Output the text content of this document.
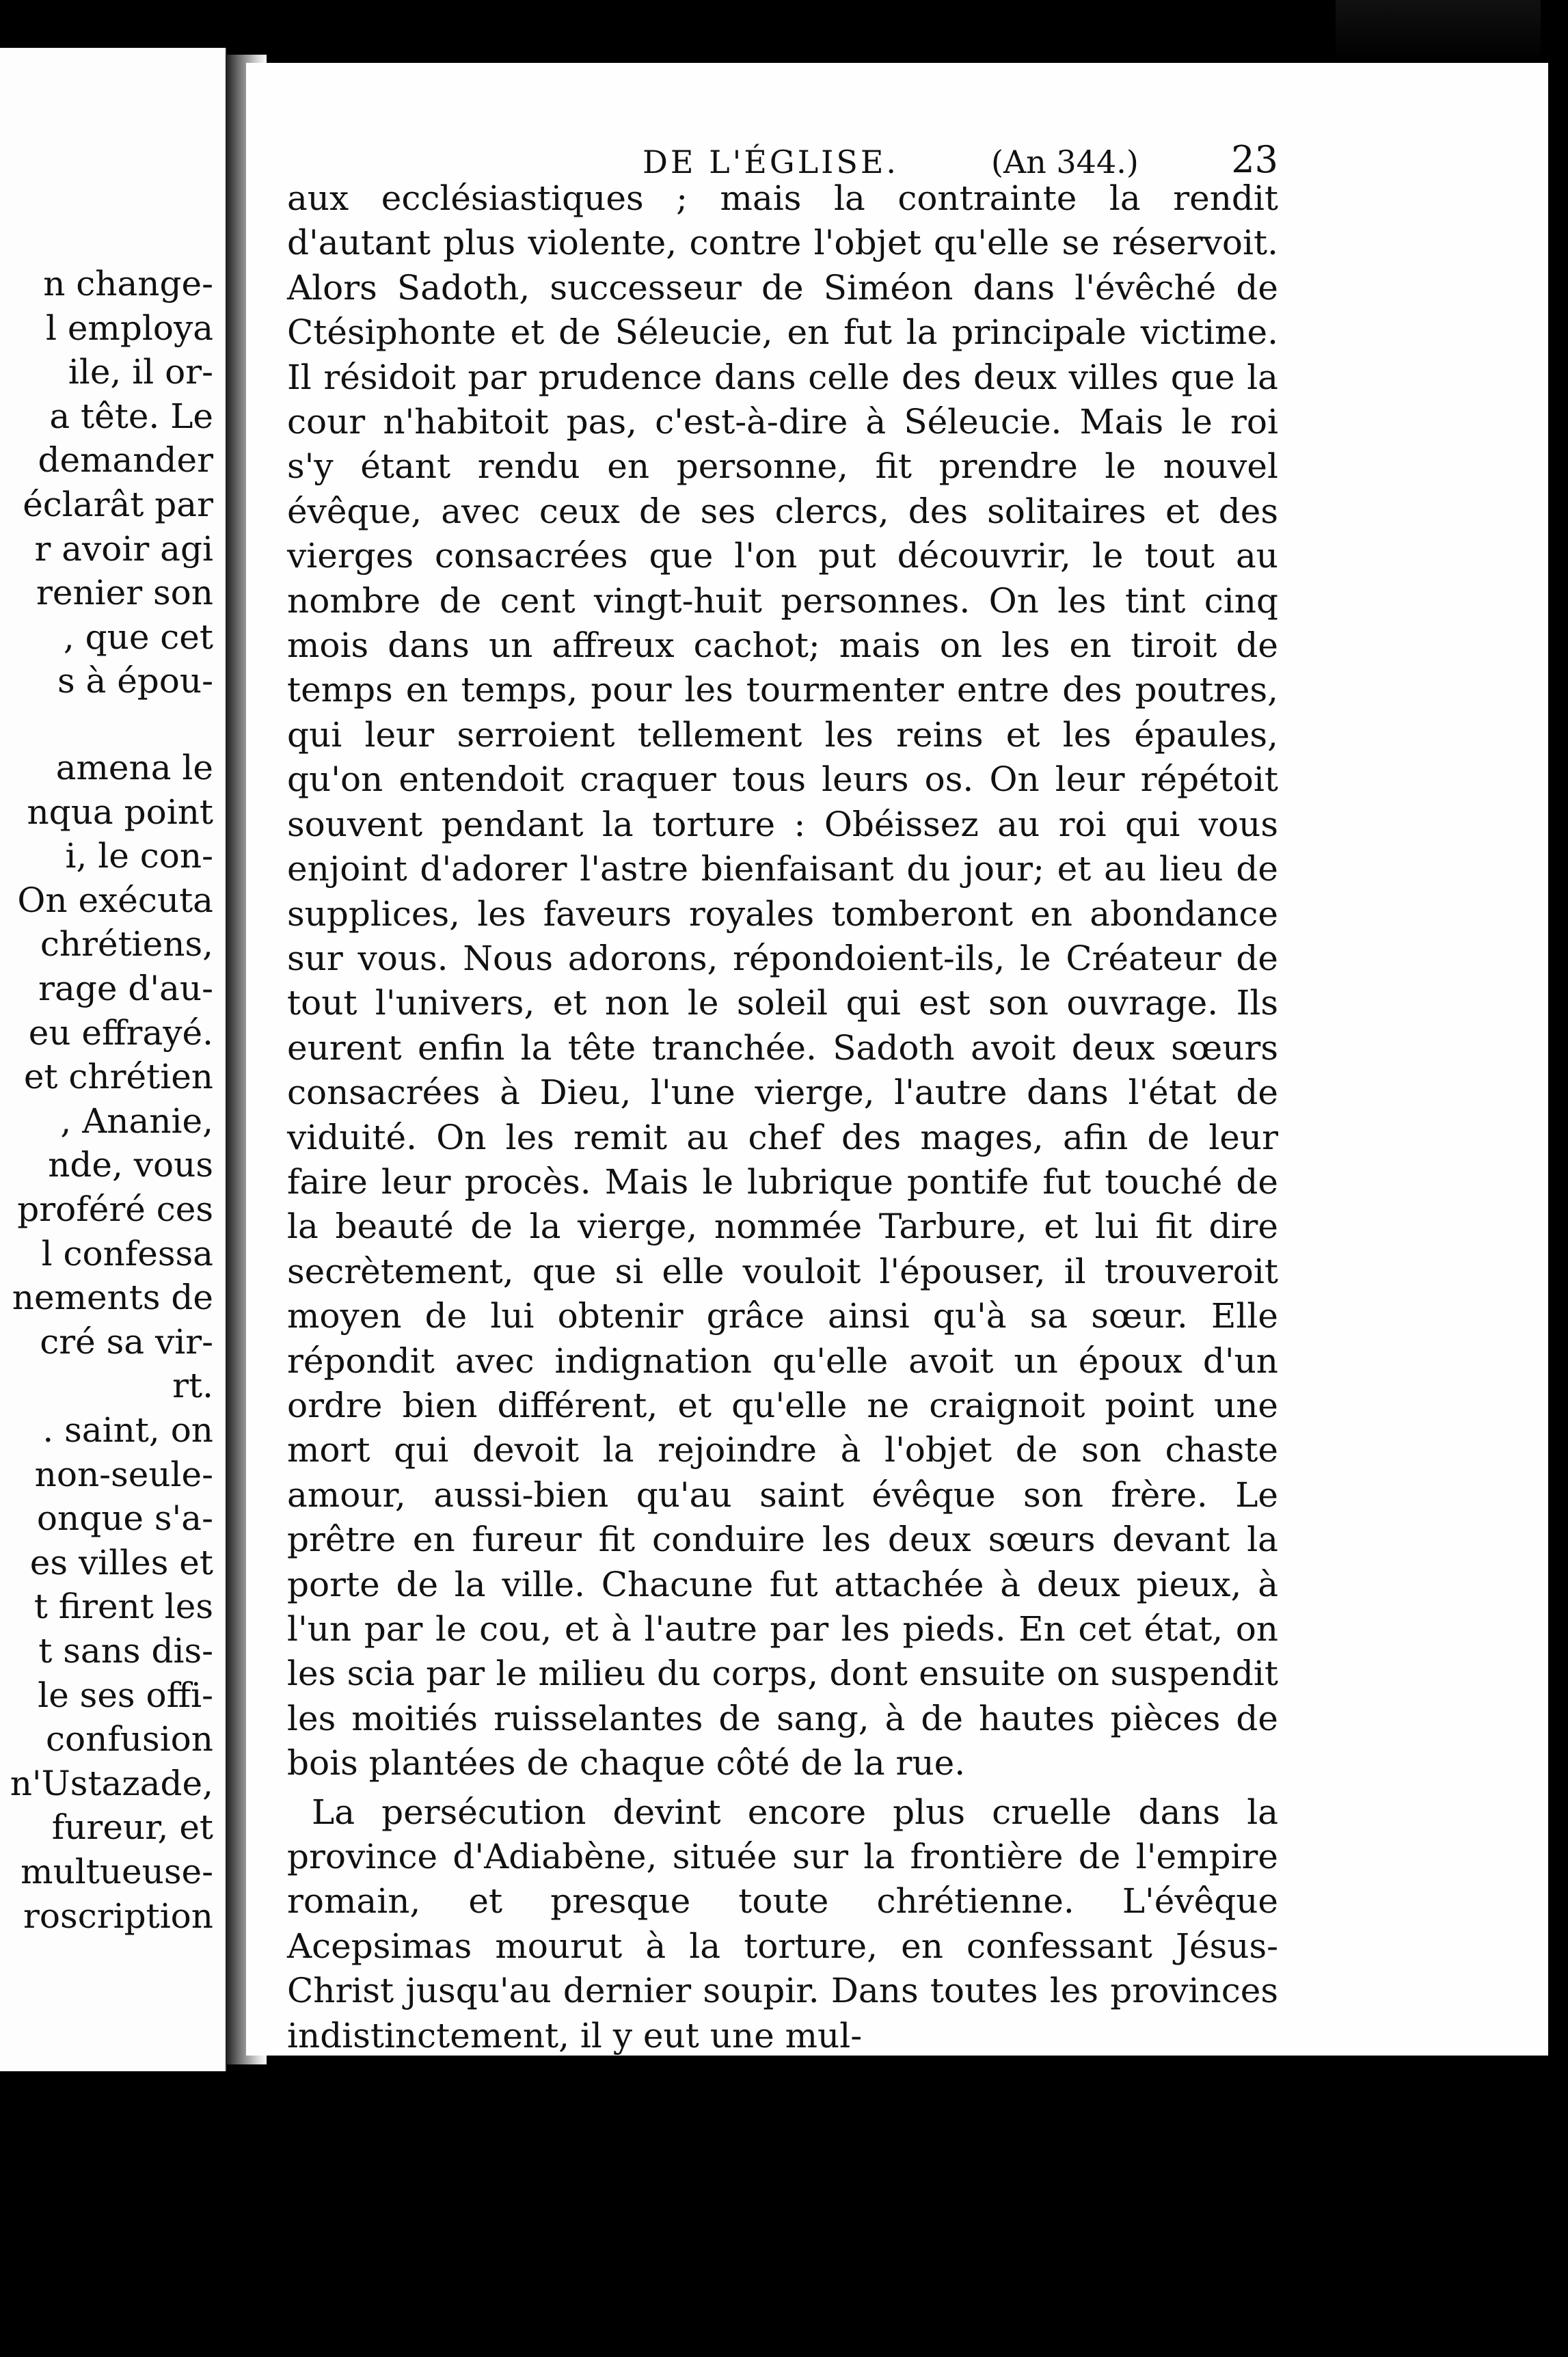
n change-
l employa
ile, il or-
a tête. Le
demander
éclarât par
r avoir agi
renier son
, que cet
s à épou-
amena le
nqua point
i, le con-
On exécuta
chrétiens,
rage d'au-
eu effrayé.
et chrétien
, Ananie,
nde, vous
proféré ces
l confessa
nements de
cré sa vir-
rt.
. saint, on
non-seule-
onque s'a-
es villes et
t firent les
t sans dis-
le ses offi-
confusion
n'Ustazade,
fureur, et
multueuse-
roscription
DE L'ÉGLISE.	(An 344.)	23

aux ecclésiastiques ; mais la contrainte la rendit d'autant plus violente, contre l'objet qu'elle se réservoit. Alors Sadoth, successeur de Siméon dans l'évêché de Ctésiphonte et de Séleucie, en fut la principale victime. Il résidoit par prudence dans celle des deux villes que la cour n'habitoit pas, c'est-à-dire à Séleucie. Mais le roi s'y étant rendu en personne, fit prendre le nouvel évêque, avec ceux de ses clercs, des solitaires et des vierges consacrées que l'on put découvrir, le tout au nombre de cent vingt-huit personnes. On les tint cinq mois dans un affreux cachot; mais on les en tiroit de temps en temps, pour les tourmenter entre des poutres, qui leur serroient tellement les reins et les épaules, qu'on entendoit craquer tous leurs os. On leur répétoit souvent pendant la torture : Obéissez au roi qui vous enjoint d'adorer l'astre bienfaisant du jour; et au lieu de supplices, les faveurs royales tomberont en abondance sur vous. Nous adorons, répondoient-ils, le Créateur de tout l'univers, et non le soleil qui est son ouvrage. Ils eurent enfin la tête tranchée. Sadoth avoit deux sœurs consacrées à Dieu, l'une vierge, l'autre dans l'état de viduité. On les remit au chef des mages, afin de leur faire leur procès. Mais le lubrique pontife fut touché de la beauté de la vierge, nommée Tarbure, et lui fit dire secrètement, que si elle vouloit l'épouser, il trouveroit moyen de lui obtenir grâce ainsi qu'à sa sœur. Elle répondit avec indignation qu'elle avoit un époux d'un ordre bien différent, et qu'elle ne craignoit point une mort qui devoit la rejoindre à l'objet de son chaste amour, aussi-bien qu'au saint évêque son frère. Le prêtre en fureur fit conduire les deux sœurs devant la porte de la ville. Chacune fut attachée à deux pieux, à l'un par le cou, et à l'autre par les pieds. En cet état, on les scia par le milieu du corps, dont ensuite on suspendit les moitiés ruisselantes de sang, à de hautes pièces de bois plantées de chaque côté de la rue.

La persécution devint encore plus cruelle dans la province d'Adiabène, située sur la frontière de l'empire romain, et presque toute chrétienne. L'évêque Acepsimas mourut à la torture, en confessant Jésus-Christ jusqu'au dernier soupir. Dans toutes les provinces indistinctement, il y eut une mul-
